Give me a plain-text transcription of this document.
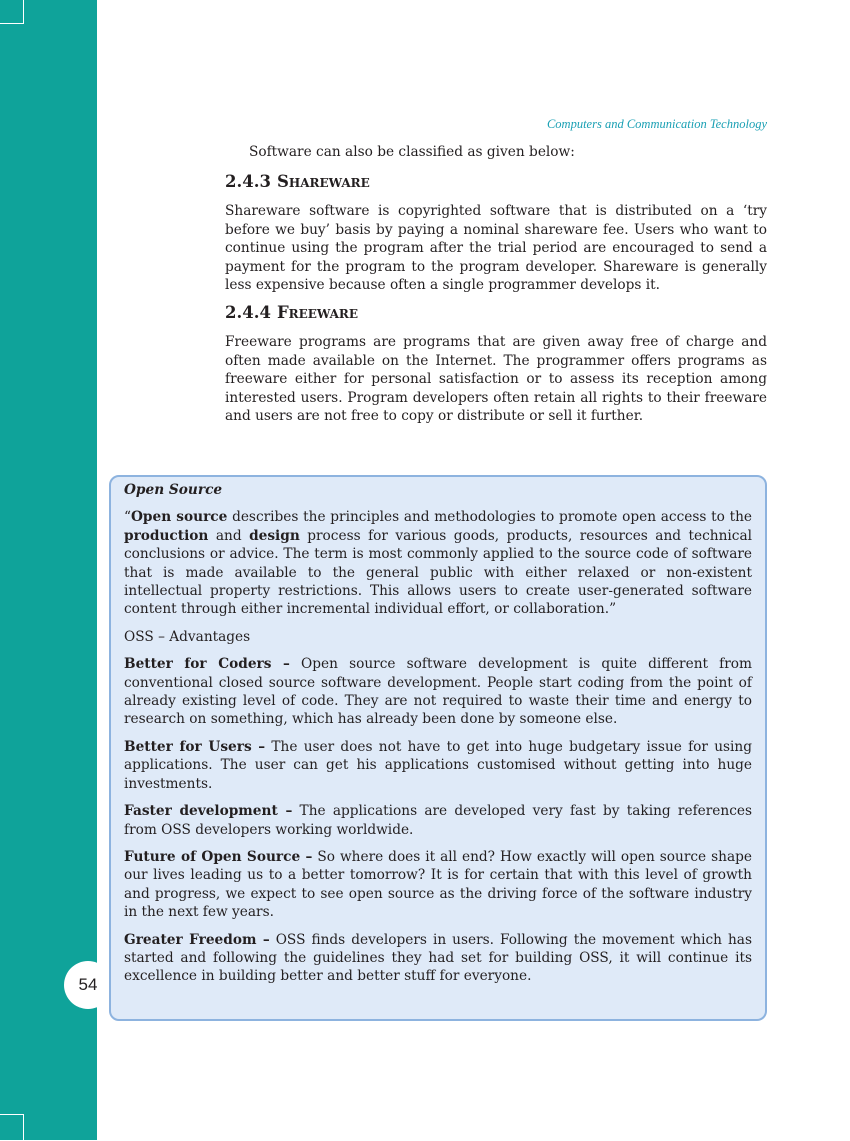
54
Computers and Communication Technology

Software can also be classified as given below:

2.4.3 Shareware

Shareware software is copyrighted software that is distributed on a ‘try before we buy’ basis by paying a nominal shareware fee. Users who want to continue using the program after the trial period are encouraged to send a payment for the program to the program developer. Shareware is generally less expensive because often a single programmer develops it.

2.4.4 Freeware

Freeware programs are programs that are given away free of charge and often made available on the Internet. The programmer offers programs as freeware either for personal satisfaction or to assess its reception among interested users. Program developers often retain all rights to their freeware and users are not free to copy or distribute or sell it further.

Open Source

“Open source describes the principles and methodologies to promote open access to the production and design process for various goods, products, resources and technical conclusions or advice. The term is most commonly applied to the source code of software that is made available to the general public with either relaxed or non-existent intellectual property restrictions. This allows users to create user-generated software content through either incremental individual effort, or collaboration.”

OSS – Advantages

Better for Coders – Open source software development is quite different from conventional closed source software development. People start coding from the point of already existing level of code. They are not required to waste their time and energy to research on something, which has already been done by someone else.

Better for Users – The user does not have to get into huge budgetary issue for using applications. The user can get his applications customised without getting into huge investments.

Faster development – The applications are developed very fast by taking references from OSS developers working worldwide.

Future of Open Source – So where does it all end? How exactly will open source shape our lives leading us to a better tomorrow? It is for certain that with this level of growth and progress, we expect to see open source as the driving force of the software industry in the next few years.

Greater Freedom – OSS finds developers in users. Following the movement which has started and following the guidelines they had set for building OSS, it will continue its excellence in building better and better stuff for everyone.
